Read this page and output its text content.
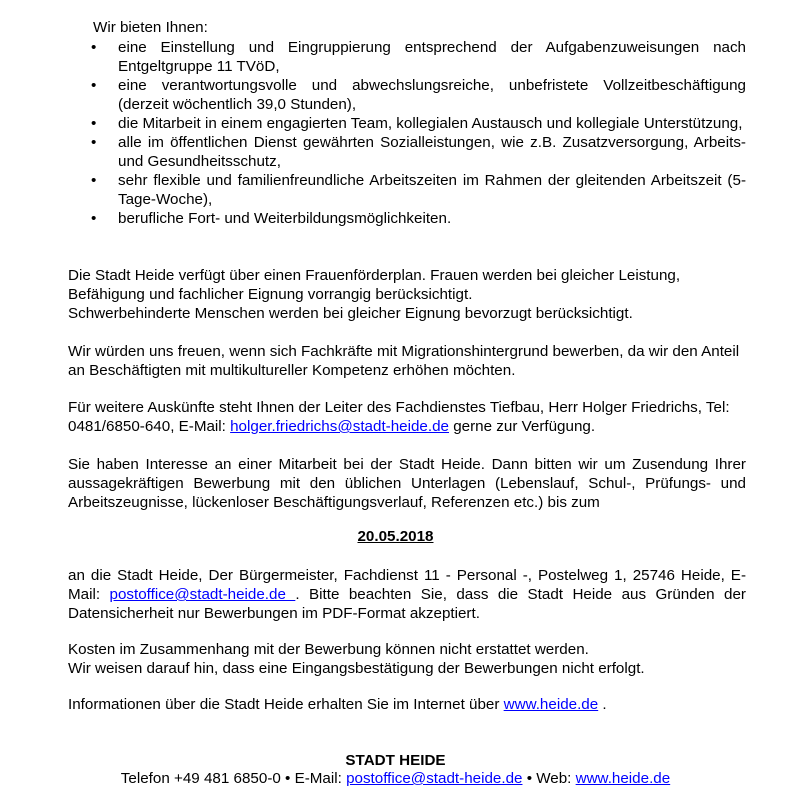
Wir bieten Ihnen:
• eine Einstellung und Eingruppierung entsprechend der Aufgabenzuweisungen nach Entgeltgruppe 11 TVöD,
• eine verantwortungsvolle und abwechslungsreiche, unbefristete Vollzeitbeschäftigung (derzeit wöchentlich 39,0 Stunden),
• die Mitarbeit in einem engagierten Team, kollegialen Austausch und kollegiale Unterstützung,
• alle im öffentlichen Dienst gewährten Sozialleistungen, wie z.B. Zusatzversorgung, Arbeits- und Gesundheitsschutz,
• sehr flexible und familienfreundliche Arbeitszeiten im Rahmen der gleitenden Arbeitszeit (5-Tage-Woche),
• berufliche Fort- und Weiterbildungsmöglichkeiten.
Die Stadt Heide verfügt über einen Frauenförderplan. Frauen werden bei gleicher Leistung, Befähigung und fachlicher Eignung vorrangig berücksichtigt.
Schwerbehinderte Menschen werden bei gleicher Eignung bevorzugt berücksichtigt.
Wir würden uns freuen, wenn sich Fachkräfte mit Migrationshintergrund bewerben, da wir den Anteil an Beschäftigten mit multikultureller Kompetenz erhöhen möchten.
Für weitere Auskünfte steht Ihnen der Leiter des Fachdienstes Tiefbau, Herr Holger Friedrichs, Tel: 0481/6850-640, E-Mail: holger.friedrichs@stadt-heide.de gerne zur Verfügung.
Sie haben Interesse an einer Mitarbeit bei der Stadt Heide. Dann bitten wir um Zusendung Ihrer aussagekräftigen Bewerbung mit den üblichen Unterlagen (Lebenslauf, Schul-, Prüfungs- und Arbeitszeugnisse, lückenloser Beschäftigungsverlauf, Referenzen etc.) bis zum
20.05.2018
an die Stadt Heide, Der Bürgermeister, Fachdienst 11 - Personal -, Postelweg 1, 25746 Heide, E-Mail: postoffice@stadt-heide.de . Bitte beachten Sie, dass die Stadt Heide aus Gründen der Datensicherheit nur Bewerbungen im PDF-Format akzeptiert.
Kosten im Zusammenhang mit der Bewerbung können nicht erstattet werden.
Wir weisen darauf hin, dass eine Eingangsbestätigung der Bewerbungen nicht erfolgt.
Informationen über die Stadt Heide erhalten Sie im Internet über www.heide.de .
STADT HEIDE
Telefon +49 481 6850-0 • E-Mail: postoffice@stadt-heide.de • Web: www.heide.de
